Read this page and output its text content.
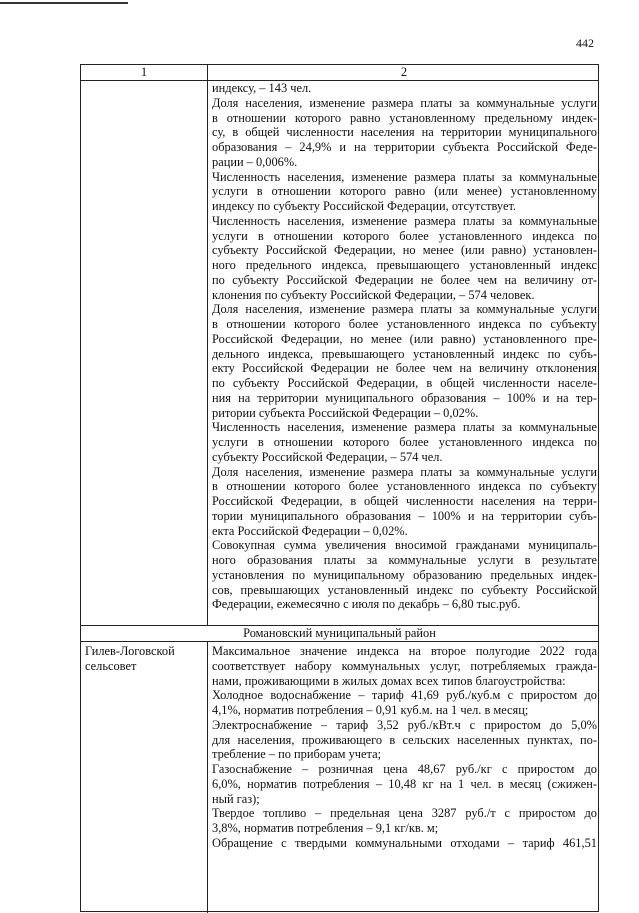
442
1	2
индексу, – 143 чел.
Доля населения, изменение размера платы за коммунальные услуги
в отношении которого равно установленному предельному индек-
су, в общей численности населения на территории муниципального
образования – 24,9% и на территории субъекта Российской Феде-
рации – 0,006%.
Численность населения, изменение размера платы за коммунальные
услуги в отношении которого равно (или менее) установленному
индексу по субъекту Российской Федерации, отсутствует.
Численность населения, изменение размера платы за коммунальные
услуги в отношении которого более установленного индекса по
субъекту Российской Федерации, но менее (или равно) установлен-
ного предельного индекса, превышающего установленный индекс
по субъекту Российской Федерации не более чем на величину от-
клонения по субъекту Российской Федерации, – 574 человек.
Доля населения, изменение размера платы за коммунальные услуги
в отношении которого более установленного индекса по субъекту
Российской Федерации, но менее (или равно) установленного пре-
дельного индекса, превышающего установленный индекс по субъ-
екту Российской Федерации не более чем на величину отклонения
по субъекту Российской Федерации, в общей численности населе-
ния на территории муниципального образования – 100% и на тер-
ритории субъекта Российской Федерации – 0,02%.
Численность населения, изменение размера платы за коммунальные
услуги в отношении которого более установленного индекса по
субъекту Российской Федерации, – 574 чел.
Доля населения, изменение размера платы за коммунальные услуги
в отношении которого более установленного индекса по субъекту
Российской Федерации, в общей численности населения на терри-
тории муниципального образования – 100% и на территории субъ-
екта Российской Федерации – 0,02%.
Совокупная сумма увеличения вносимой гражданами муниципаль-
ного образования платы за коммунальные услуги в результате
установления по муниципальному образованию предельных индек-
сов, превышающих установленный индекс по субъекту Российской
Федерации, ежемесячно с июля по декабрь – 6,80 тыс.руб.
Романовский муниципальный район
Гилев-Логовской
сельсовет
Максимальное значение индекса на второе полугодие 2022 года
соответствует набору коммунальных услуг, потребляемых гражда-
нами, проживающими в жилых домах всех типов благоустройства:
Холодное водоснабжение – тариф 41,69 руб./куб.м с приростом до
4,1%, норматив потребления – 0,91 куб.м. на 1 чел. в месяц;
Электроснабжение – тариф 3,52 руб./кВт.ч с приростом до 5,0%
для населения, проживающего в сельских населенных пунктах, по-
требление – по приборам учета;
Газоснабжение – розничная цена 48,67 руб./кг с приростом до
6,0%, норматив потребления – 10,48 кг на 1 чел. в месяц (сжижен-
ный газ);
Твердое топливо – предельная цена 3287 руб./т с приростом до
3,8%, норматив потребления – 9,1 кг/кв. м;
Обращение с твердыми коммунальными отходами – тариф 461,51
